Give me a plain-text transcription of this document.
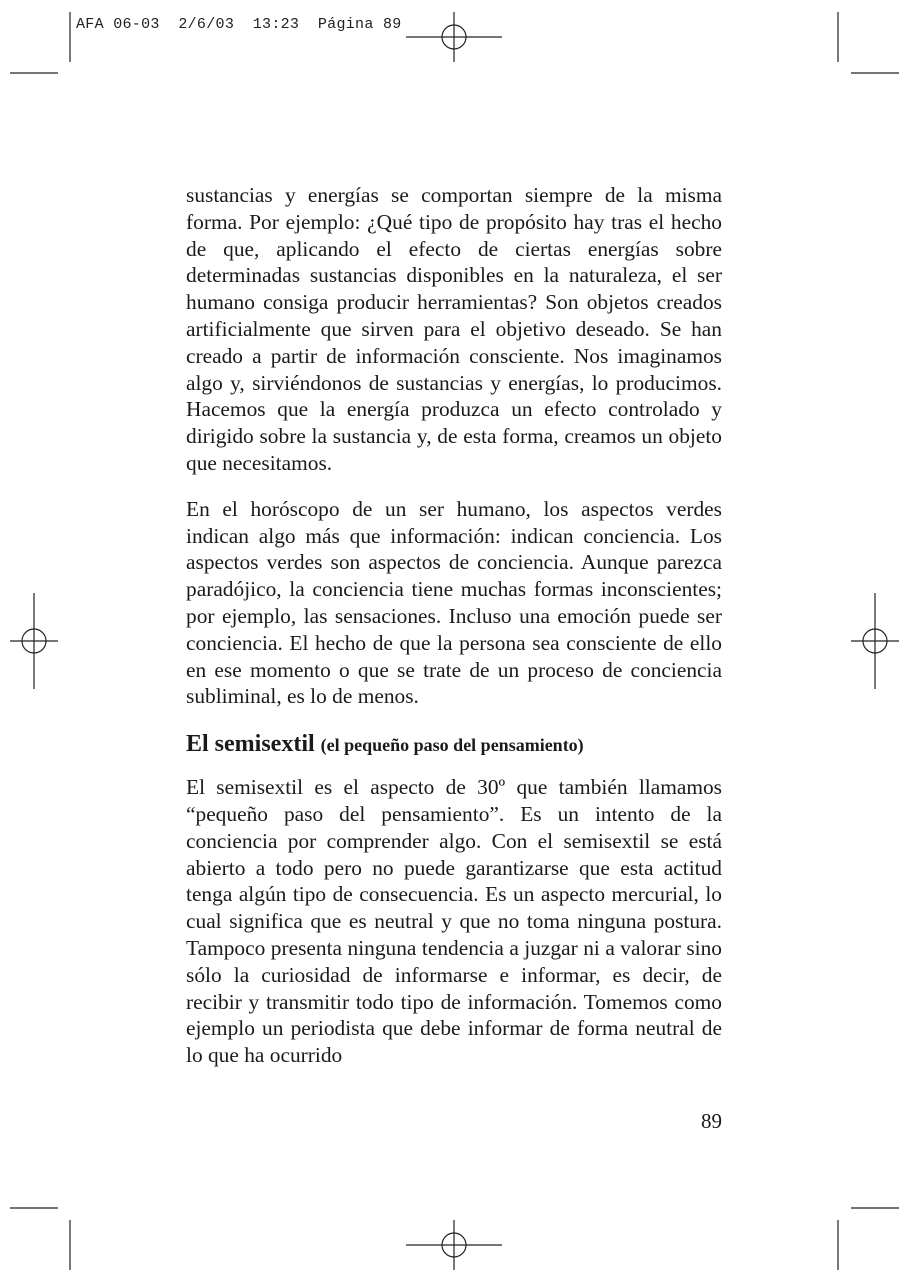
AFA 06-03  2/6/03  13:23  Página 89

sustancias y energías se comportan siempre de la misma forma. Por ejemplo: ¿Qué tipo de propósito hay tras el hecho de que, aplicando el efecto de ciertas energías sobre determinadas sustancias disponibles en la naturaleza, el ser humano consiga producir herramientas? Son objetos creados artificialmente que sirven para el objetivo deseado. Se han creado a partir de información consciente. Nos imaginamos algo y, sirviéndonos de sustancias y energías, lo producimos. Hacemos que la energía produzca un efecto controlado y dirigido sobre la sustancia y, de esta forma, creamos un objeto que necesitamos.

En el horóscopo de un ser humano, los aspectos verdes indican algo más que información: indican conciencia. Los aspectos verdes son aspectos de conciencia. Aunque parezca paradójico, la conciencia tiene muchas formas inconscientes; por ejemplo, las sensaciones. Incluso una emoción puede ser conciencia. El hecho de que la persona sea consciente de ello en ese momento o que se trate de un proceso de conciencia subliminal, es lo de menos.

El semisextil (el pequeño paso del pensamiento)

El semisextil es el aspecto de 30º que también llamamos “pequeño paso del pensamiento”. Es un intento de la conciencia por comprender algo. Con el semisextil se está abierto a todo pero no puede garantizarse que esta actitud tenga algún tipo de consecuencia. Es un aspecto mercurial, lo cual significa que es neutral y que no toma ninguna postura. Tampoco presenta ninguna tendencia a juzgar ni a valorar sino sólo la curiosidad de informarse e informar, es decir, de recibir y transmitir todo tipo de información. Tomemos como ejemplo un periodista que debe informar de forma neutral de lo que ha ocurrido

89
